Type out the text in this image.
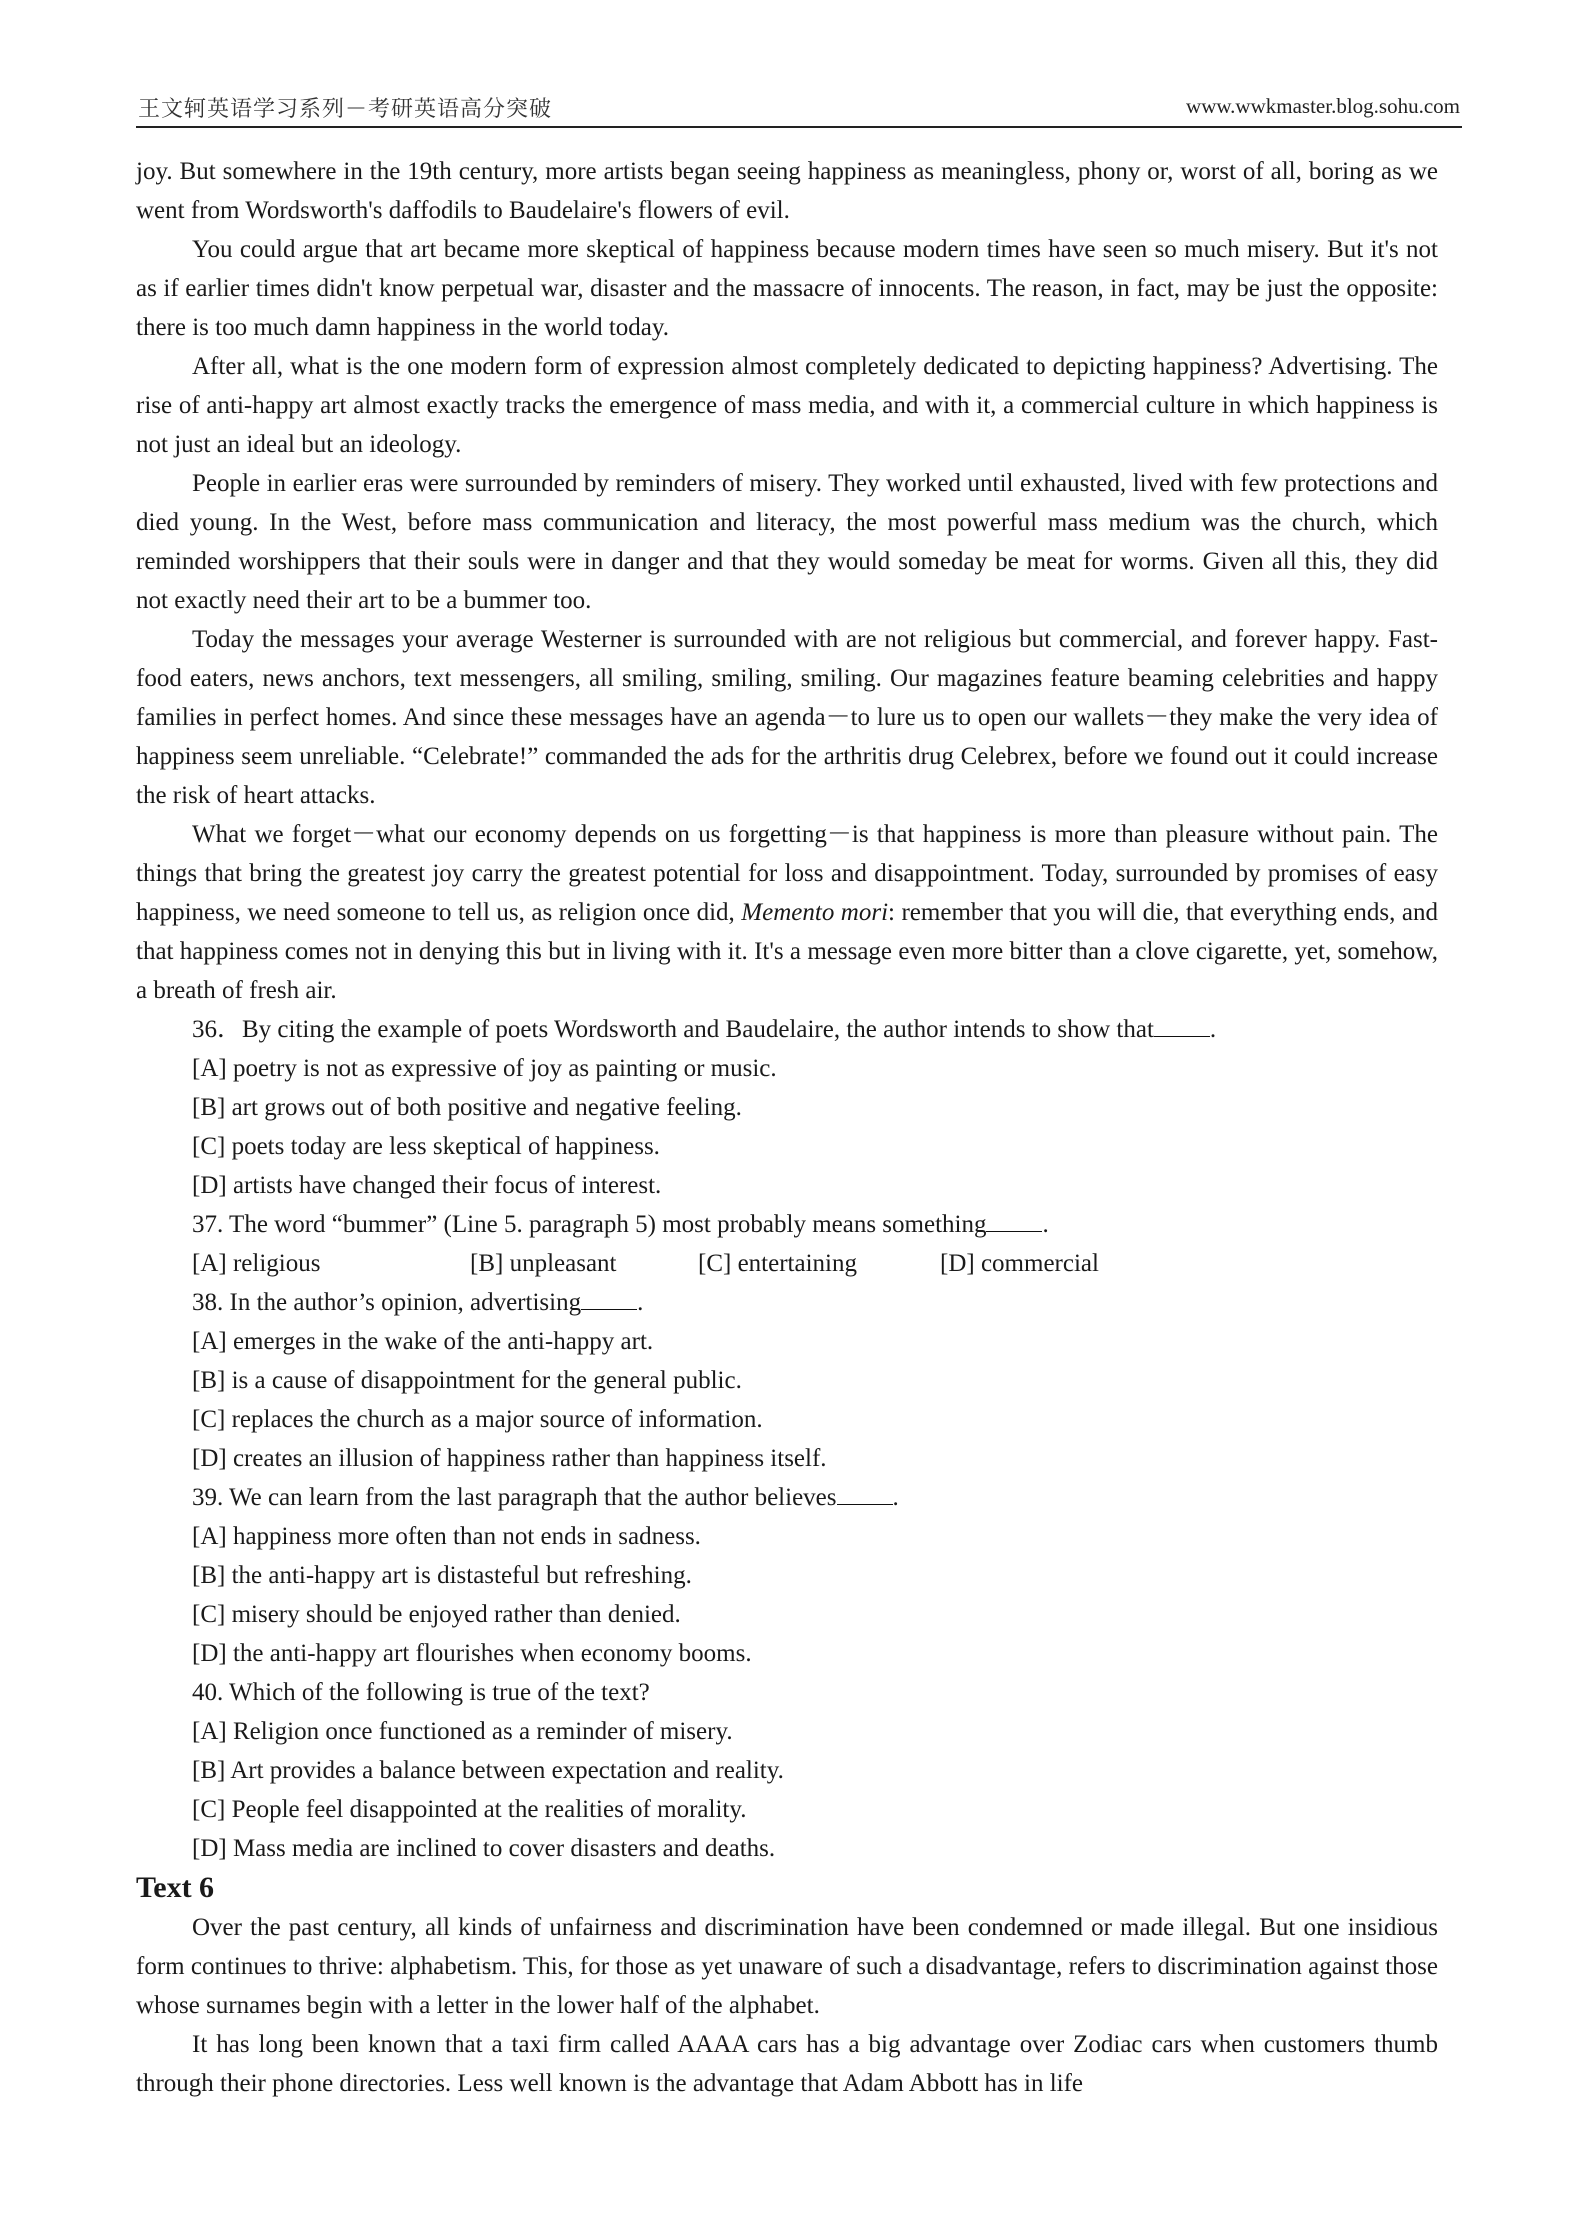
王文轲英语学习系列－考研英语高分突破	www.wwkmaster.blog.sohu.com

joy. But somewhere in the 19th century, more artists began seeing happiness as meaningless, phony or, worst of all, boring as we went from Wordsworth's daffodils to Baudelaire's flowers of evil.

You could argue that art became more skeptical of happiness because modern times have seen so much misery. But it's not as if earlier times didn't know perpetual war, disaster and the massacre of innocents. The reason, in fact, may be just the opposite: there is too much damn happiness in the world today.

After all, what is the one modern form of expression almost completely dedicated to depicting happiness? Advertising. The rise of anti-happy art almost exactly tracks the emergence of mass media, and with it, a commercial culture in which happiness is not just an ideal but an ideology.

People in earlier eras were surrounded by reminders of misery. They worked until exhausted, lived with few protections and died young. In the West, before mass communication and literacy, the most powerful mass medium was the church, which reminded worshippers that their souls were in danger and that they would someday be meat for worms. Given all this, they did not exactly need their art to be a bummer too.

Today the messages your average Westerner is surrounded with are not religious but commercial, and forever happy. Fast-food eaters, news anchors, text messengers, all smiling, smiling, smiling. Our magazines feature beaming celebrities and happy families in perfect homes. And since these messages have an agenda－to lure us to open our wallets－they make the very idea of happiness seem unreliable. “Celebrate!” commanded the ads for the arthritis drug Celebrex, before we found out it could increase the risk of heart attacks.

What we forget－what our economy depends on us forgetting－is that happiness is more than pleasure without pain. The things that bring the greatest joy carry the greatest potential for loss and disappointment. Today, surrounded by promises of easy happiness, we need someone to tell us, as religion once did, Memento mori: remember that you will die, that everything ends, and that happiness comes not in denying this but in living with it. It's a message even more bitter than a clove cigarette, yet, somehow, a breath of fresh air.

36．By citing the example of poets Wordsworth and Baudelaire, the author intends to show that .
[A] poetry is not as expressive of joy as painting or music.
[B] art grows out of both positive and negative feeling.
[C] poets today are less skeptical of happiness.
[D] artists have changed their focus of interest.
37. The word “bummer” (Line 5. paragraph 5) most probably means something .
[A] religious	[B] unpleasant	[C] entertaining	[D] commercial
38. In the author’s opinion, advertising .
[A] emerges in the wake of the anti-happy art.
[B] is a cause of disappointment for the general public.
[C] replaces the church as a major source of information.
[D] creates an illusion of happiness rather than happiness itself.
39. We can learn from the last paragraph that the author believes .
[A] happiness more often than not ends in sadness.
[B] the anti-happy art is distasteful but refreshing.
[C] misery should be enjoyed rather than denied.
[D] the anti-happy art flourishes when economy booms.
40. Which of the following is true of the text?
[A] Religion once functioned as a reminder of misery.
[B] Art provides a balance between expectation and reality.
[C] People feel disappointed at the realities of morality.
[D] Mass media are inclined to cover disasters and deaths.
Text 6

Over the past century, all kinds of unfairness and discrimination have been condemned or made illegal. But one insidious form continues to thrive: alphabetism. This, for those as yet unaware of such a disadvantage, refers to discrimination against those whose surnames begin with a letter in the lower half of the alphabet.

It has long been known that a taxi firm called AAAA cars has a big advantage over Zodiac cars when customers thumb through their phone directories. Less well known is the advantage that Adam Abbott has in life
